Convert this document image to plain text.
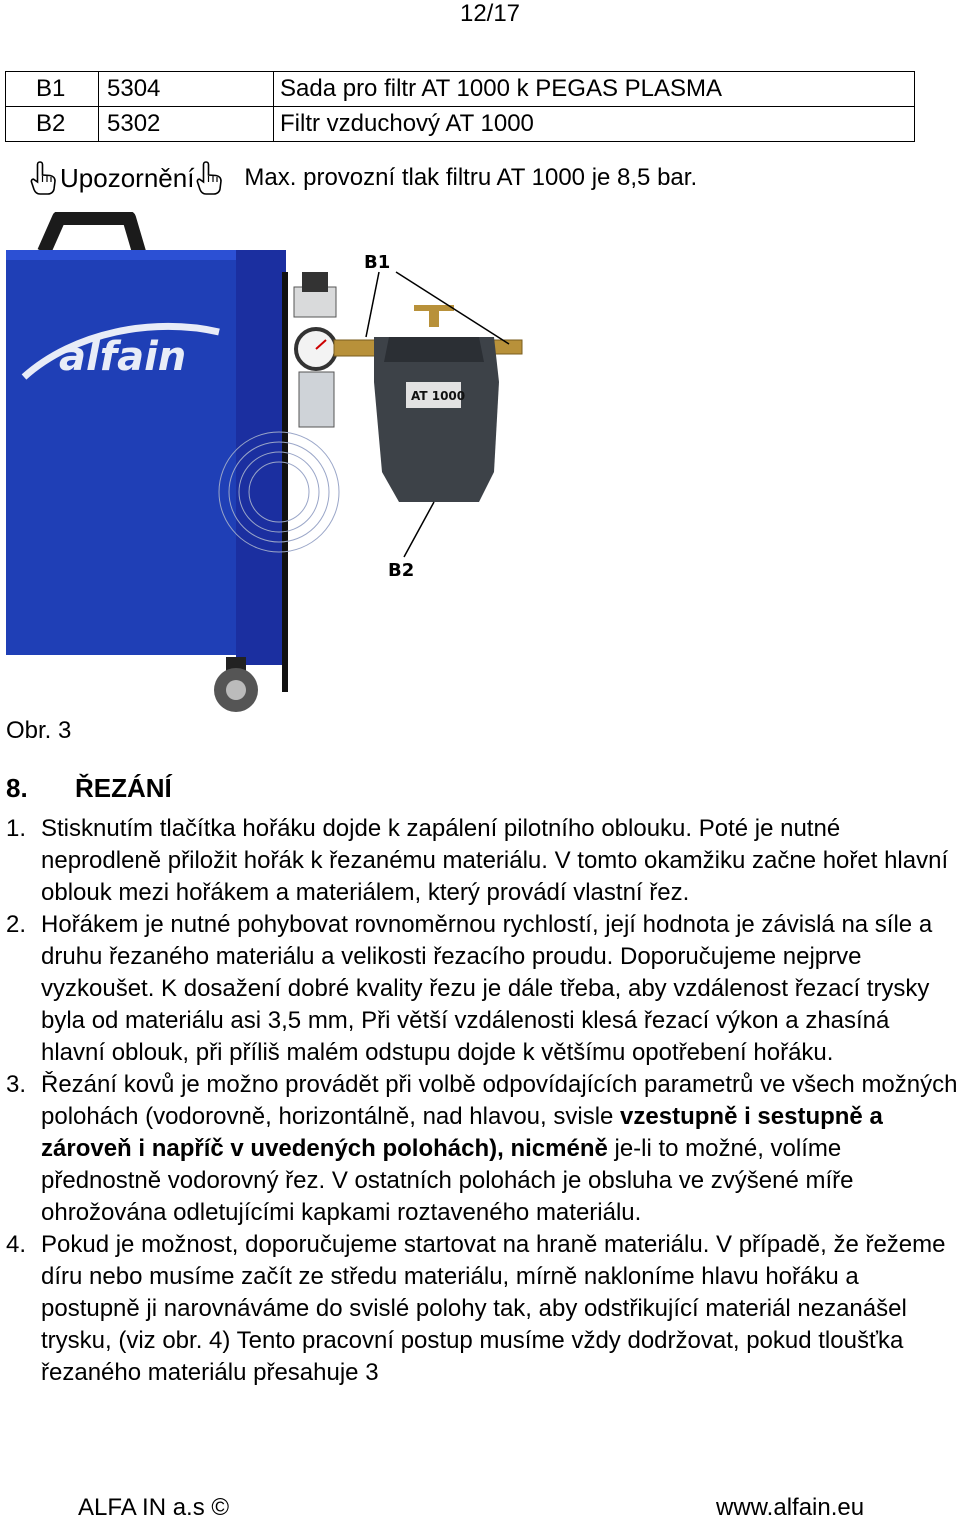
12/17
B1	5304	Sada pro filtr AT 1000 k PEGAS PLASMA
B2	5302	Filtr vzduchový AT 1000
Upozornění Max. provozní tlak filtru AT 1000 je 8,5 bar.
alfain
AT 1000
B1
B2
Obr. 3
8.	ŘEZÁNÍ
1. Stisknutím tlačítka hořáku dojde k zapálení pilotního oblouku. Poté je nutné neprodleně přiložit hořák k řezanému materiálu. V tomto okamžiku začne hořet hlavní oblouk mezi hořákem a materiálem, který provádí vlastní řez.

2. Hořákem je nutné pohybovat rovnoměrnou rychlostí, její hodnota je závislá na síle a druhu řezaného materiálu a velikosti řezacího proudu. Doporučujeme nejprve vyzkoušet. K dosažení dobré kvality řezu je dále třeba, aby vzdálenost řezací trysky byla od materiálu asi 3,5 mm, Při větší vzdálenosti klesá řezací výkon a zhasíná hlavní oblouk, při příliš malém odstupu dojde k většímu opotřebení hořáku.

3. Řezání kovů je možno provádět při volbě odpovídajících parametrů ve všech možných polohách (vodorovně, horizontálně, nad hlavou, svisle vzestupně i sestupně a zároveň i napříč v uvedených polohách), nicméně je-li to možné, volíme přednostně vodorovný řez. V ostatních polohách je obsluha ve zvýšené míře ohrožována odletujícími kapkami roztaveného materiálu.

4. Pokud je možnost, doporučujeme startovat na hraně materiálu. V případě, že řežeme díru nebo musíme začít ze středu materiálu, mírně nakloníme hlavu hořáku a postupně ji narovnáváme do svislé polohy tak, aby odstřikující materiál nezanášel trysku, (viz obr. 4) Tento pracovní postup musíme vždy dodržovat, pokud tloušťka řezaného materiálu přesahuje 3

ALFA IN a.s ©	www.alfain.eu
